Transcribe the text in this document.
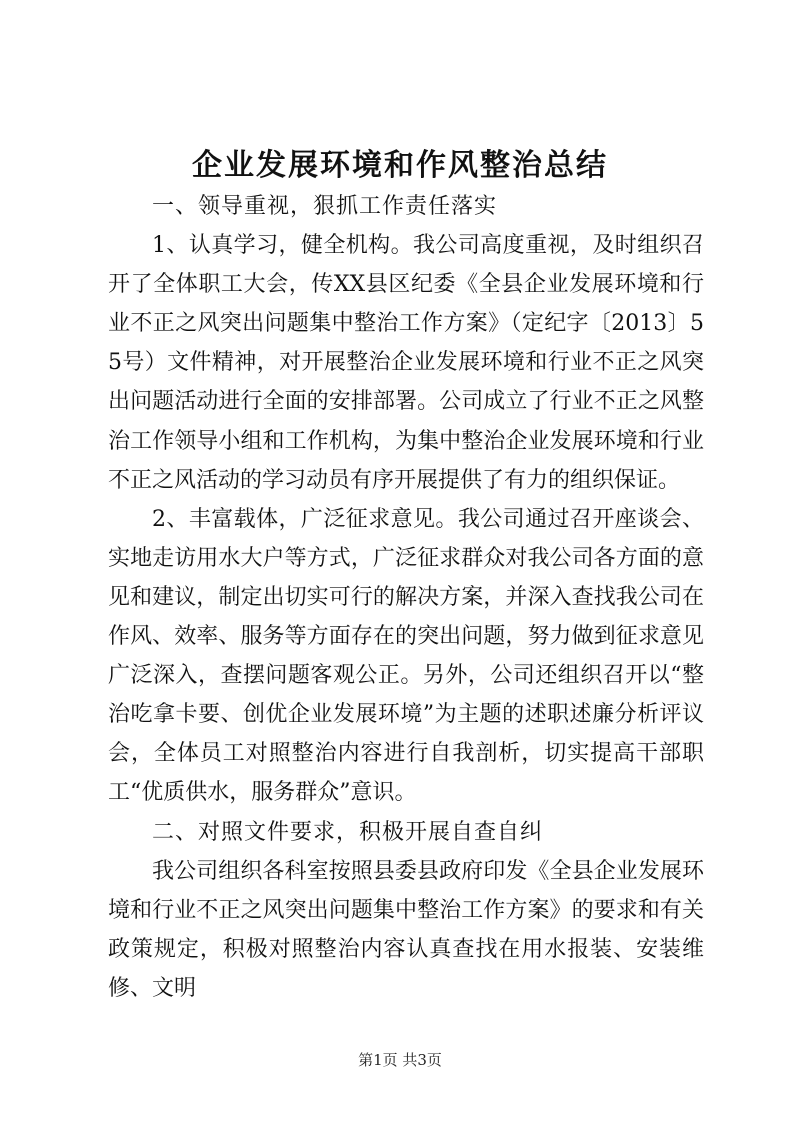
企业发展环境和作风整治总结

一、领导重视，狠抓工作责任落实

1、认真学习，健全机构。我公司高度重视，及时组织召开了全体职工大会，传XX县区纪委《全县企业发展环境和行业不正之风突出问题集中整治工作方案》（定纪字〔2013〕55号）文件精神，对开展整治企业发展环境和行业不正之风突出问题活动进行全面的安排部署。公司成立了行业不正之风整治工作领导小组和工作机构，为集中整治企业发展环境和行业不正之风活动的学习动员有序开展提供了有力的组织保证。

2、丰富载体，广泛征求意见。我公司通过召开座谈会、实地走访用水大户等方式，广泛征求群众对我公司各方面的意见和建议，制定出切实可行的解决方案，并深入查找我公司在作风、效率、服务等方面存在的突出问题，努力做到征求意见广泛深入，查摆问题客观公正。另外，公司还组织召开以“整治吃拿卡要、创优企业发展环境”为主题的述职述廉分析评议会，全体员工对照整治内容进行自我剖析，切实提高干部职工“优质供水，服务群众”意识。

二、对照文件要求，积极开展自查自纠

我公司组织各科室按照县委县政府印发《全县企业发展环境和行业不正之风突出问题集中整治工作方案》的要求和有关政策规定，积极对照整治内容认真查找在用水报装、安装维修、文明

第1页 共3页
